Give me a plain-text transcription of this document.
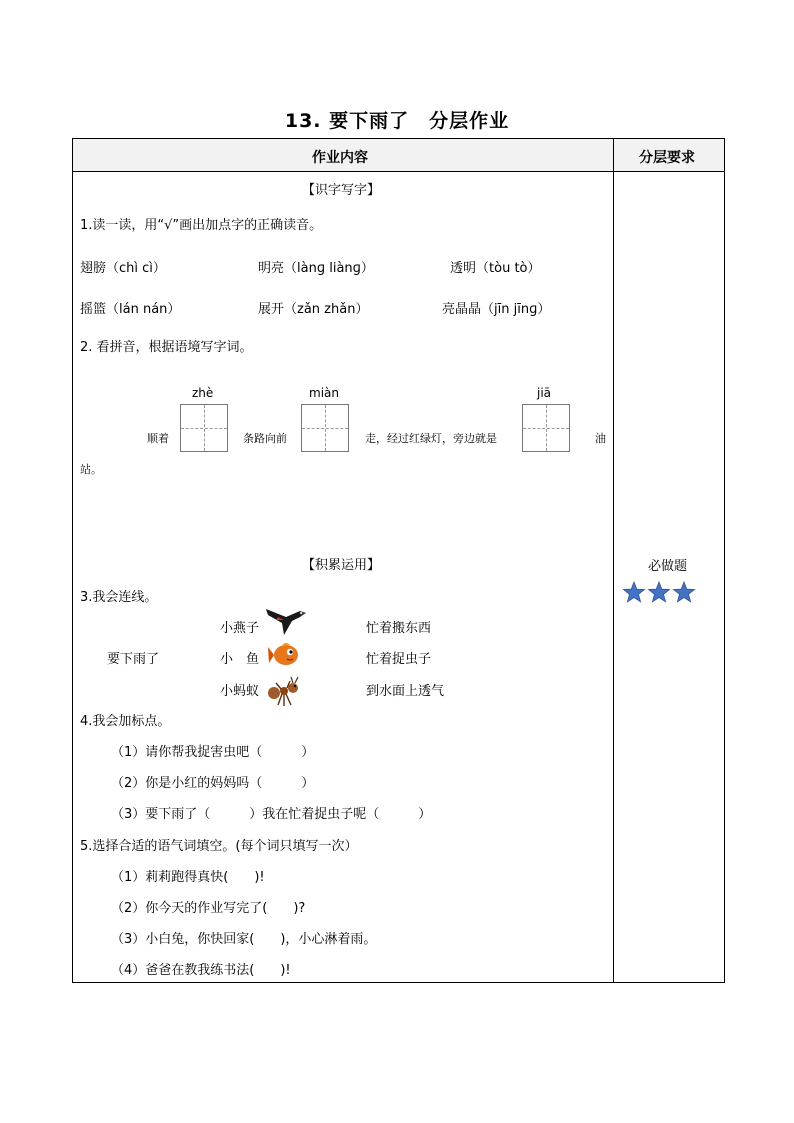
13. 要下雨了　分层作业
作业内容	分层要求
【识字写字】
1.读一读，用“√”画出加点字的正确读音。
翅膀（chì cì）	明亮（lànɡ liànɡ）	透明（tòu tò）
摇篮（lán nán）	展开（zǎn zhǎn）	亮晶晶（jīn jīnɡ）
2. 看拼音，根据语境写字词。
zhè	miàn	jiā
顺着	条路向前	走，经过红绿灯，旁边就是	油
站。
【积累运用】	必做题
3.我会连线。
要下雨了
小燕子
小　鱼
小蚂蚁
忙着搬东西
忙着捉虫子
到水面上透气
4.我会加标点。
（1）请你帮我捉害虫吧（　　　）
（2）你是小红的妈妈吗（　　　）
（3）要下雨了（　　　）我在忙着捉虫子呢（　　　）
5.选择合适的语气词填空。(每个词只填写一次）
（1）莉莉跑得真快(　　)!
（2）你今天的作业写完了(　　)?
（3）小白兔，你快回家(　　)，小心淋着雨。
（4）爸爸在教我练书法(　　)!
